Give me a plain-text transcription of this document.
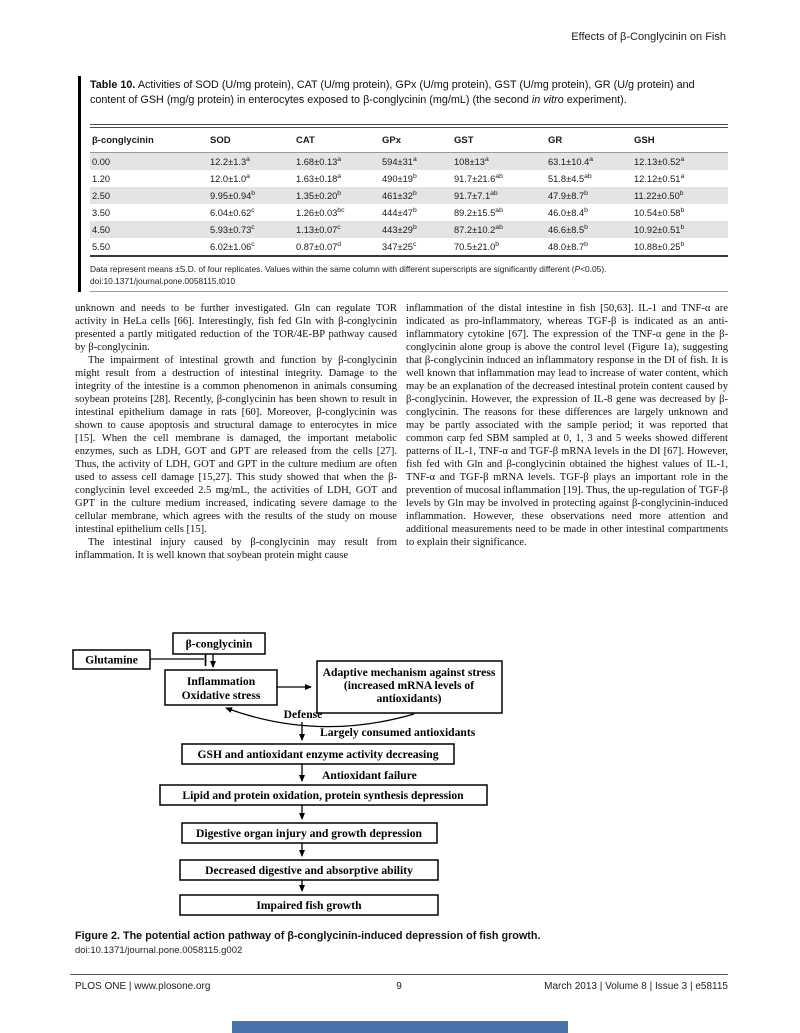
Effects of β-Conglycinin on Fish
Table 10. Activities of SOD (U/mg protein), CAT (U/mg protein), GPx (U/mg protein), GST (U/mg protein), GR (U/g protein) and content of GSH (mg/g protein) in enterocytes exposed to β-conglycinin (mg/mL) (the second in vitro experiment).
β-conglycinin	SOD	CAT	GPx	GST	GR	GSH
0.00	12.2±1.3$^a$	1.68±0.13$^a$	$594\pm 31^a$	$108\pm 13^a$	63.1±10.4$^a$	12.13±0.52$^a$
1.20	12.0±1.0$^a$	1.63±0.18$^a$	$490\pm 19^b$	91.7±21.6$^{ab}$	51.8±4.5$^{ab}$	12.12±0.51$^a$
2.50	9.95±0.94$^b$	1.35±0.20$^b$	$461\pm 32^b$	91.7±7.1$^{ab}$	47.9±8.7$^b$	11.22±0.50$^b$
3.50	6.04±0.62$^c$	1.26±0.03$^{bc}$	$444\pm 47^b$	89.2±15.5$^{ab}$	46.0±8.4$^b$	10.54±0.58$^b$
4.50	5.93±0.73$^c$	1.13±0.07$^c$	$443\pm 29^b$	87.2±10.2$^{ab}$	46.6±8.5$^b$	10.92±0.51$^b$
5.50	6.02±1.06$^c$	0.87±0.07$^d$	$347\pm 25^c$	70.5±21.0$^b$	48.0±8.7$^b$	10.88±0.25$^b$
Data represent means ±S.D. of four replicates. Values within the same column with different superscripts are significantly different (P<0.05).
doi:10.1371/journal.pone.0058115.t010

unknown and needs to be further investigated. Gln can regulate TOR activity in HeLa cells [66]. Interestingly, fish fed Gln with β-conglycinin presented a partly mitigated reduction of the TOR/4E-BP pathway caused by β-conglycinin.

The impairment of intestinal growth and function by β-conglycinin might result from a destruction of intestinal integrity. Damage to the integrity of the intestine is a common phenomenon in animals consuming soybean proteins [28]. Recently, β-conglycinin has been shown to result in intestinal epithelium damage in rats [60]. Moreover, β-conglycinin was shown to cause apoptosis and structural damage to enterocytes in mice [15]. When the cell membrane is damaged, the important metabolic enzymes, such as LDH, GOT and GPT are released from the cells [27]. Thus, the activity of LDH, GOT and GPT in the culture medium are often used to assess cell damage [15,27]. This study showed that when the β-conglycinin level exceeded 2.5 mg/mL, the activities of LDH, GOT and GPT in the culture medium increased, indicating severe damage to the cellular membrane, which agrees with the results of the study on mouse intestinal epithelium cells [15].

The intestinal injury caused by β-conglycinin may result from inflammation. It is well known that soybean protein might cause

inflammation of the distal intestine in fish [50,63]. IL-1 and TNF-α are indicated as pro-inflammatory, whereas TGF-β is indicated as an anti-inflammatory cytokine [67]. The expression of the TNF-α gene in the β-conglycinin alone group is above the control level (Figure 1a), suggesting that β-conglycinin induced an inflammatory response in the DI of fish. It is well known that inflammation may lead to increase of water content, which may be an explanation of the decreased intestinal protein content caused by β-conglycinin. However, the expression of IL-8 gene was decreased by β-conglycinin. The reasons for these differences are largely unknown and may be partly associated with the sample period; it was reported that common carp fed SBM sampled at 0, 1, 3 and 5 weeks showed different patterns of IL-1, TNF-α and TGF-β mRNA levels in the DI [67]. However, fish fed with Gln and β-conglycinin obtained the highest values of IL-1, TNF-α and TGF-β mRNA levels. TGF-β plays an important role in the prevention of mucosal inflammation [19]. Thus, the up-regulation of TGF-β levels by Gln may be involved in protecting against β-conglycinin-induced inflammation. However, these observations need more attention and additional measurements need to be made in other intestinal compartments to explain their significance.

β-conglycinin
Glutamine
Inflammation
Oxidative stress
Adaptive mechanism against stress
(increased mRNA levels of
antioxidants)
Defense
Largely consumed antioxidants
GSH and antioxidant enzyme activity decreasing
Antioxidant failure
Lipid and protein oxidation, protein synthesis depression
Digestive organ injury and growth depression
Decreased digestive and absorptive ability
Impaired fish growth
Figure 2. The potential action pathway of β-conglycinin-induced depression of fish growth.
doi:10.1371/journal.pone.0058115.g002
PLOS ONE | www.plosone.org	9	March 2013 | Volume 8 | Issue 3 | e58115
